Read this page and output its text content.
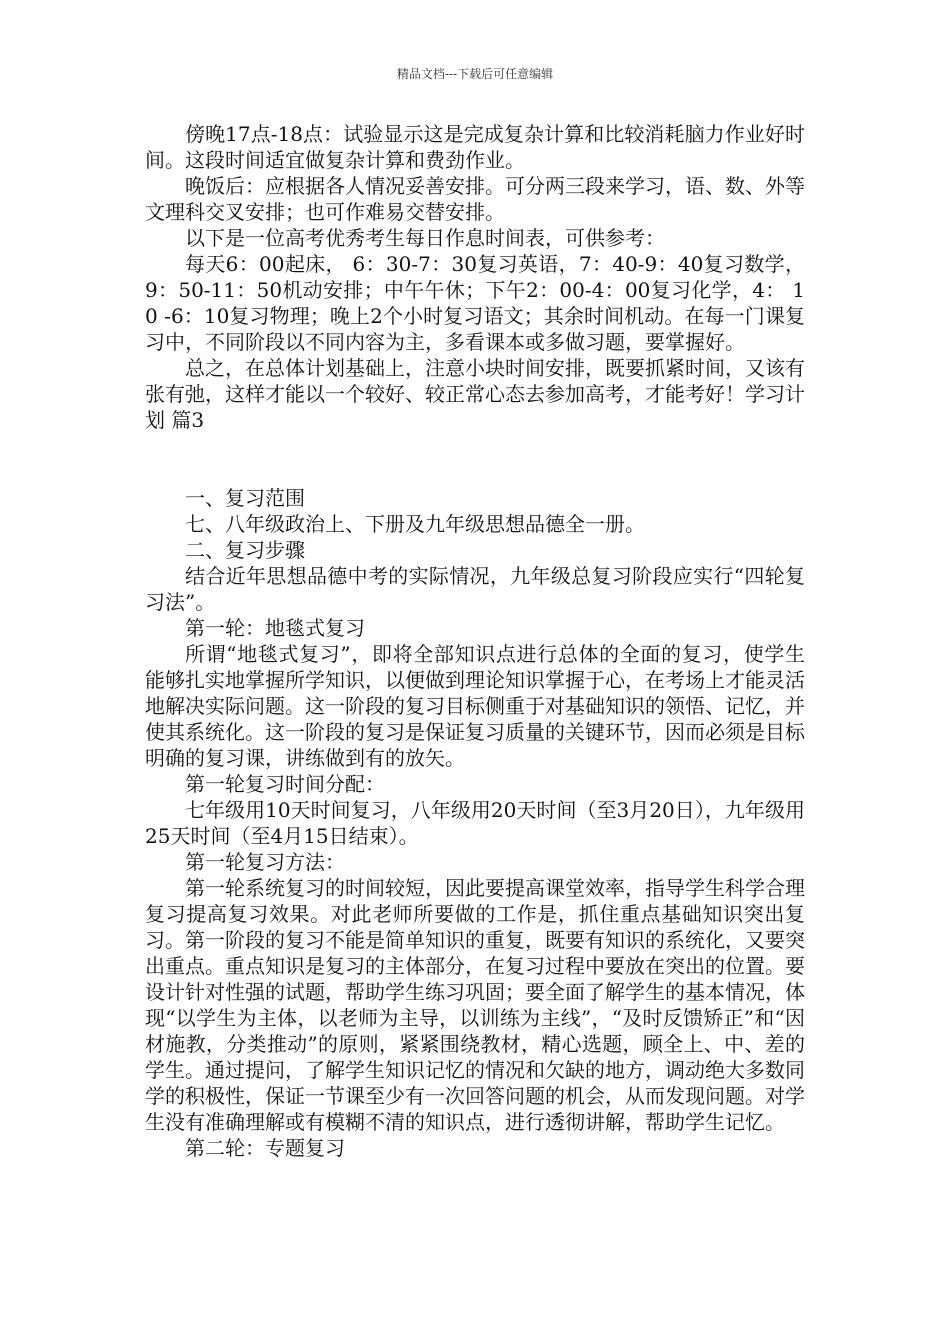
精品文档---下载后可任意编辑

傍晚17点-18点：试验显示这是完成复杂计算和比较消耗脑力作业好时间。这段时间适宜做复杂计算和费劲作业。

晚饭后：应根据各人情况妥善安排。可分两三段来学习，语、数、外等文理科交叉安排；也可作难易交替安排。

以下是一位高考优秀考生每日作息时间表，可供参考：

每天6：00起床， 6：30-7：30复习英语，7：40-9：40复习数学，9：50-11：50机动安排；中午午休；下午2：00-4：00复习化学，4： 10 -6：10复习物理；晚上2个小时复习语文；其余时间机动。在每一门课复习中，不同阶段以不同内容为主，多看课本或多做习题，要掌握好。

总之，在总体计划基础上，注意小块时间安排，既要抓紧时间，又该有张有弛，这样才能以一个较好、较正常心态去参加高考，才能考好！学习计划 篇3

一、复习范围

七、八年级政治上、下册及九年级思想品德全一册。

二、复习步骤

结合近年思想品德中考的实际情况，九年级总复习阶段应实行“四轮复习法”。

第一轮：地毯式复习

所谓“地毯式复习”，即将全部知识点进行总体的全面的复习，使学生能够扎实地掌握所学知识，以便做到理论知识掌握于心，在考场上才能灵活地解决实际问题。这一阶段的复习目标侧重于对基础知识的领悟、记忆，并使其系统化。这一阶段的复习是保证复习质量的关键环节，因而必须是目标明确的复习课，讲练做到有的放矢。

第一轮复习时间分配：

七年级用10天时间复习，八年级用20天时间（至3月20日），九年级用25天时间（至4月15日结束）。

第一轮复习方法：

第一轮系统复习的时间较短，因此要提高课堂效率，指导学生科学合理复习提高复习效果。对此老师所要做的工作是，抓住重点基础知识突出复习。第一阶段的复习不能是简单知识的重复，既要有知识的系统化，又要突出重点。重点知识是复习的主体部分，在复习过程中要放在突出的位置。要设计针对性强的试题，帮助学生练习巩固；要全面了解学生的基本情况，体现“以学生为主体，以老师为主导，以训练为主线”，“及时反馈矫正”和“因材施教，分类推动”的原则，紧紧围绕教材，精心选题，顾全上、中、差的学生。通过提问，了解学生知识记忆的情况和欠缺的地方，调动绝大多数同学的积极性，保证一节课至少有一次回答问题的机会，从而发现问题。对学生没有准确理解或有模糊不清的知识点，进行透彻讲解，帮助学生记忆。

第二轮：专题复习
